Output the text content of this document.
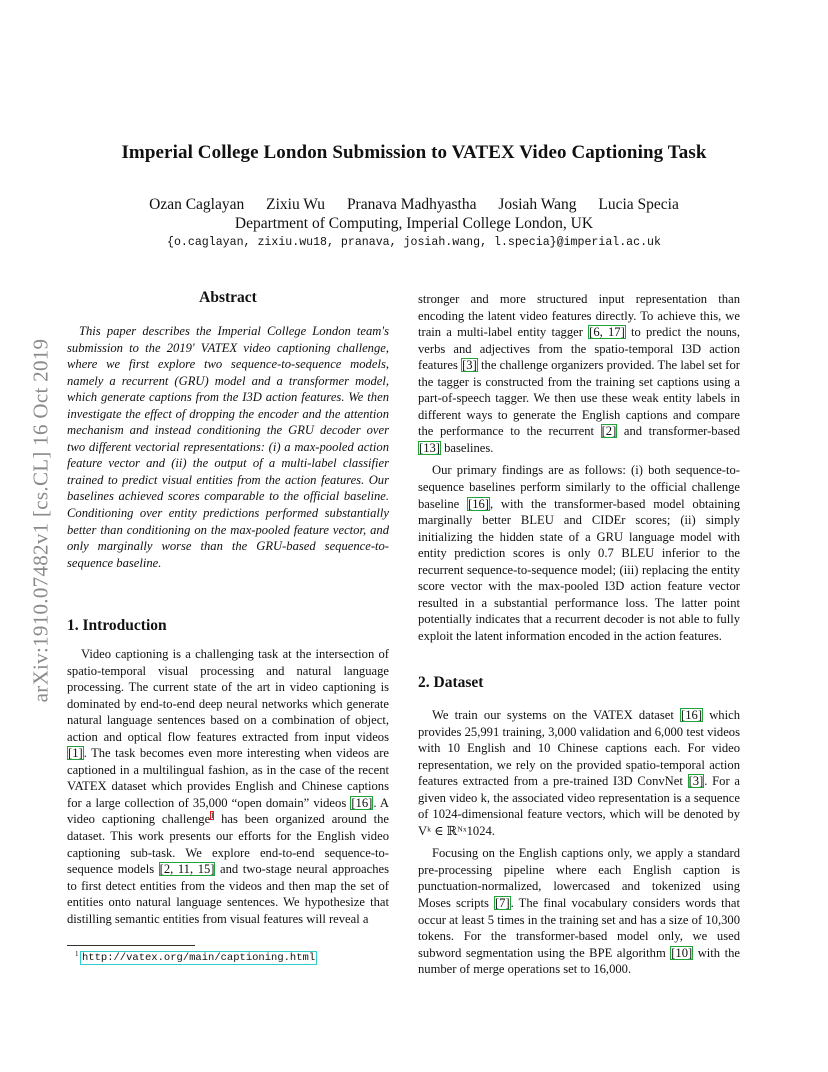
arXiv:1910.07482v1 [cs.CL] 16 Oct 2019
Imperial College London Submission to VATEX Video Captioning Task
Ozan Caglayan Zixiu Wu Pranava Madhyastha Josiah Wang Lucia Specia
Department of Computing, Imperial College London, UK
{o.caglayan, zixiu.wu18, pranava, josiah.wang, l.specia}@imperial.ac.uk
Abstract

This paper describes the Imperial College London team's submission to the 2019' VATEX video captioning challenge, where we first explore two sequence-to-sequence models, namely a recurrent (GRU) model and a transformer model, which generate captions from the I3D action features. We then investigate the effect of dropping the encoder and the attention mechanism and instead conditioning the GRU decoder over two different vectorial representations: (i) a max-pooled action feature vector and (ii) the output of a multi-label classifier trained to predict visual entities from the action features. Our baselines achieved scores comparable to the official baseline. Conditioning over entity predictions performed substantially better than conditioning on the max-pooled feature vector, and only marginally worse than the GRU-based sequence-to-sequence baseline.

1. Introduction

Video captioning is a challenging task at the intersection of spatio-temporal visual processing and natural language processing. The current state of the art in video captioning is dominated by end-to-end deep neural networks which generate natural language sentences based on a combination of object, action and optical flow features extracted from input videos [1]. The task becomes even more interesting when videos are captioned in a multilingual fashion, as in the case of the recent VATEX dataset which provides English and Chinese captions for a large collection of 35,000 “open domain” videos [16]. A video captioning challenge$^1$ has been organized around the dataset. This work presents our efforts for the English video captioning sub-task. We explore end-to-end sequence-to-sequence models [2, 11, 15] and two-stage neural approaches to first detect entities from the videos and then map the set of entities onto natural language sentences. We hypothesize that distilling semantic entities from visual features will reveal a

stronger and more structured input representation than encoding the latent video features directly. To achieve this, we train a multi-label entity tagger [6, 17] to predict the nouns, verbs and adjectives from the spatio-temporal I3D action features [3] the challenge organizers provided. The label set for the tagger is constructed from the training set captions using a part-of-speech tagger. We then use these weak entity labels in different ways to generate the English captions and compare the performance to the recurrent [2] and transformer-based [13] baselines.

Our primary findings are as follows: (i) both sequence-to-sequence baselines perform similarly to the official challenge baseline [16], with the transformer-based model obtaining marginally better BLEU and CIDEr scores; (ii) simply initializing the hidden state of a GRU language model with entity prediction scores is only 0.7 BLEU inferior to the recurrent sequence-to-sequence model; (iii) replacing the entity score vector with the max-pooled I3D action feature vector resulted in a substantial performance loss. The latter point potentially indicates that a recurrent decoder is not able to fully exploit the latent information encoded in the action features.

2. Dataset

We train our systems on the VATEX dataset [16] which provides 25,991 training, 3,000 validation and 6,000 test videos with 10 English and 10 Chinese captions each. For video representation, we rely on the provided spatio-temporal action features extracted from a pre-trained I3D ConvNet [3]. For a given video k, the associated video representation is a sequence of 1024-dimensional feature vectors, which will be denoted by Vᵏ ∈ ℝᴺˣ1024.

Focusing on the English captions only, we apply a standard pre-processing pipeline where each English caption is punctuation-normalized, lowercased and tokenized using Moses scripts [7]. The final vocabulary considers words that occur at least 5 times in the training set and has a size of 10,300 tokens. For the transformer-based model only, we used subword segmentation using the BPE algorithm [10] with the number of merge operations set to 16,000.

1 http://vatex.org/main/captioning.html
